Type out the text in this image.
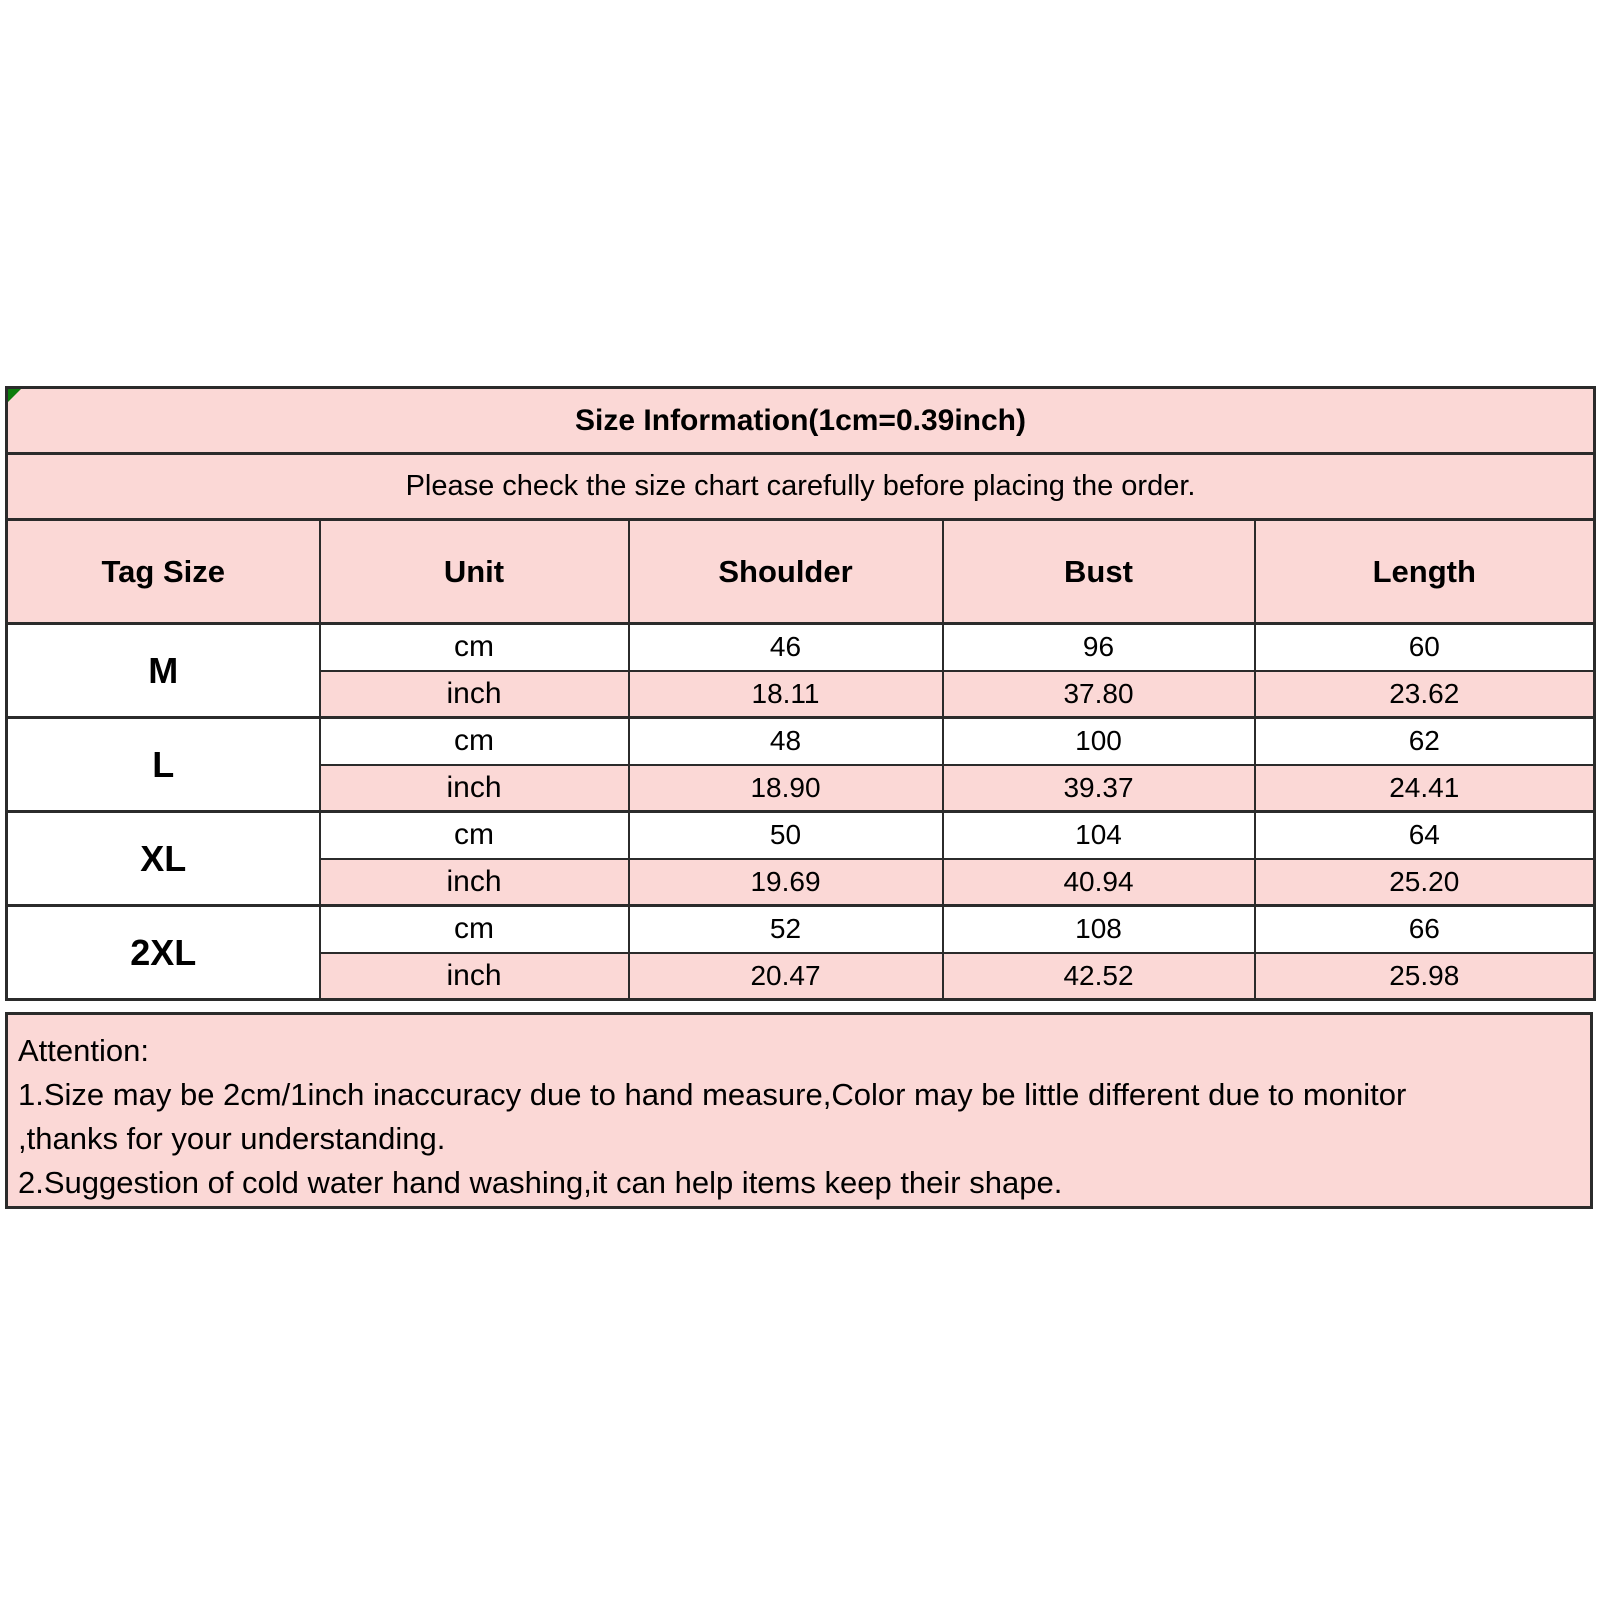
Size Information(1cm=0.39inch)				
Please check the size chart carefully before placing the order.				
Tag Size	Unit	Shoulder	Bust	Length
M	cm	46	96	60
	inch	18.11	37.80	23.62
L	cm	48	100	62
	inch	18.90	39.37	24.41
XL	cm	50	104	64
	inch	19.69	40.94	25.20
2XL	cm	52	108	66
	inch	20.47	42.52	25.98
Attention:
1.Size may be 2cm/1inch inaccuracy due to hand measure,Color may be little different due to monitor
,thanks for your understanding.
2.Suggestion of cold water hand washing,it can help items keep their shape.
